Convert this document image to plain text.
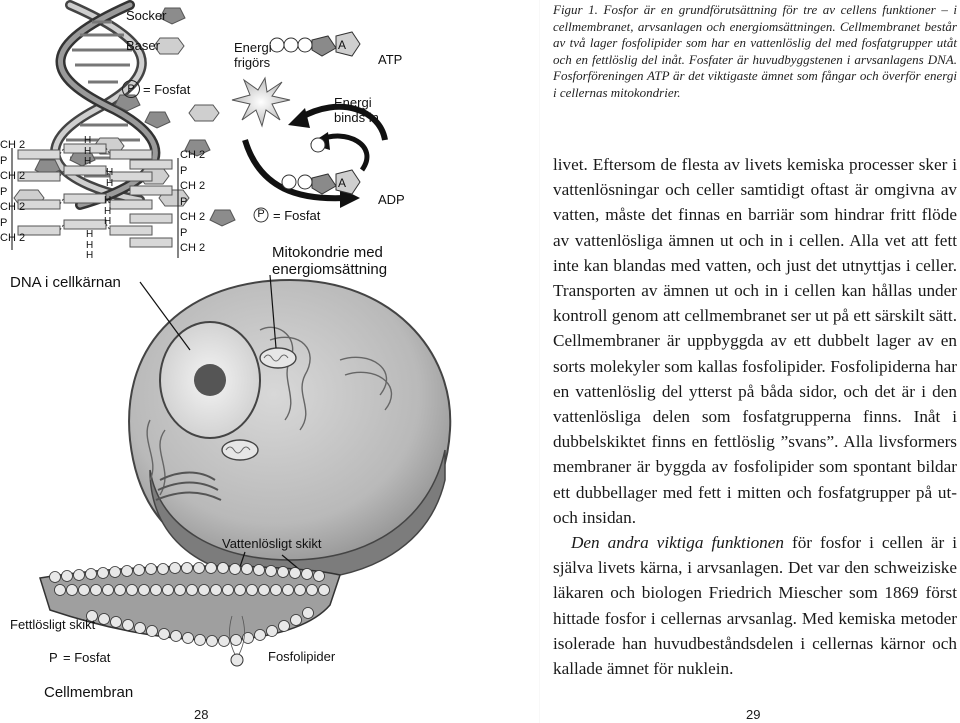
Socker
Baser
P = Fosfat
CH 2
P
CH 2
P
CH 2
P
CH 2
CH 2
P
CH 2
P
CH 2
P
CH 2
H
H
H
H
H
H
H
H
H
H
H
DNA i cellkärnan
Energi
frigörs
A
ATP
Energi
binds in
A
ADP
P = Fosfat
Mitokondrie med
energiomsättning
Vattenlösligt skikt
Fettlösligt skikt
P = Fosfat	Fosfolipider
Cellmembran
28
Figur 1. Fosfor är en grundförutsättning för tre av cellens funktioner – i cellmembranet, arvsanlagen och energiomsättningen. Cellmembranet består av två lager fosfolipider som har en vattenlöslig del med fosfatgrupper utåt och en fettlöslig del inåt. Fosfater är huvudbyggstenen i arvsanlagens DNA. Fosforföreningen ATP är det viktigaste ämnet som fångar och överför energi i cellernas mitokondrier.

livet. Eftersom de flesta av livets kemiska processer sker i vattenlösningar och celler samtidigt oftast är omgivna av vatten, måste det finnas en barriär som hindrar fritt flöde av vattenlösliga ämnen ut och in i cellen. Alla vet att fett inte kan blandas med vatten, och just det utnyttjas i celler. Transporten av ämnen ut och in i cellen kan hållas under kontroll genom att cellmembranet ser ut på ett särskilt sätt. Cellmembraner är uppbyggda av ett dubbelt lager av en sorts molekyler som kallas fosfolipider. Fosfolipiderna har en vattenlöslig del ytterst på båda sidor, och det är i den vattenlösliga delen som fosfatgrupperna finns. Inåt i dubbelskiktet finns en fettlöslig ”svans”. Alla livsformers membraner är byggda av fosfolipider som spontant bildar ett dubbellager med fett i mitten och fosfatgrupper på ut- och insidan.

Den andra viktiga funktionen för fosfor i cellen är i själva livets kärna, i arvsanlagen. Det var den schweiziske läkaren och biologen Friedrich Miescher som 1869 först hittade fosfor i cellernas arvsanlag. Med kemiska metoder isolerade han huvudbeståndsdelen i cellernas kärnor och kallade ämnet för nuklein.

29
